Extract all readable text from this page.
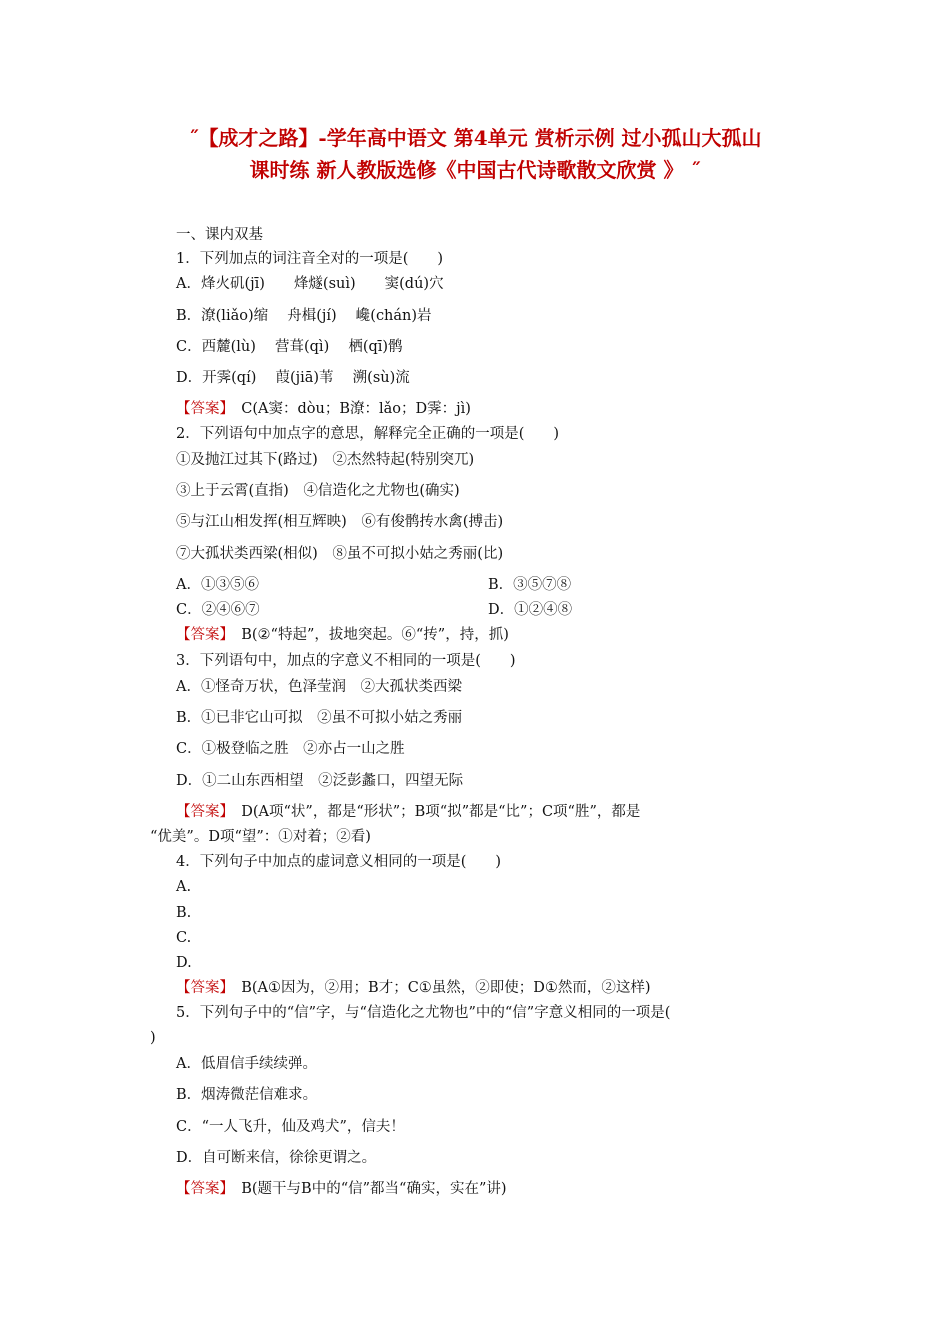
˝【成才之路】-学年高中语文 第4单元 赏析示例 过小孤山大孤山
课时练 新人教版选修《中国古代诗歌散文欣赏 》 ˝
一、课内双基
1．下列加点的词注音全对的一项是(　　)
A．烽火矶(jī)　　烽燧(suì)　　窦(dú)穴
B．潦(liǎo)缩　 舟楫(jí)　 巉(chán)岩
C．西麓(lù)　 营葺(qì)　 栖(qī)鹘
D．开霁(qí)　 葭(jiā)苇　 溯(sù)流
【答案】　C(A窦：dòu；B潦：lǎo；D霁：jì)
2．下列语句中加点字的意思，解释完全正确的一项是(　　)
①及抛江过其下(路过)　②杰然特起(特别突兀)
③上于云霄(直指)　④信造化之尤物也(确实)
⑤与江山相发挥(相互辉映)　⑥有俊鹘抟水禽(搏击)
⑦大孤状类西梁(相似)　⑧虽不可拟小姑之秀丽(比)
A．①③⑤⑥	B．③⑤⑦⑧
C．②④⑥⑦	D．①②④⑧
【答案】　B(②“特起”，拔地突起。⑥“抟”，持，抓)
3．下列语句中，加点的字意义不相同的一项是(　　)
A．①怪奇万状，色泽莹润　②大孤状类西梁
B．①已非它山可拟　②虽不可拟小姑之秀丽
C．①极登临之胜　②亦占一山之胜
D．①二山东西相望　②泛彭蠡口，四望无际
【答案】　D(A项“状”，都是“形状”；B项“拟”都是“比”；C项“胜”，都是
“优美”。D项“望”：①对着；②看)
4．下列句子中加点的虚词意义相同的一项是(　　)
A.
B.
C.
D.
【答案】　B(A①因为，②用；B才；C①虽然，②即使；D①然而，②这样)
5．下列句子中的“信”字，与“信造化之尤物也”中的“信”字意义相同的一项是(
)
A．低眉信手续续弹。
B．烟涛微茫信难求。
C．“一人飞升，仙及鸡犬”，信夫！
D．自可断来信，徐徐更谓之。
【答案】　B(题干与B中的“信”都当“确实，实在”讲)
